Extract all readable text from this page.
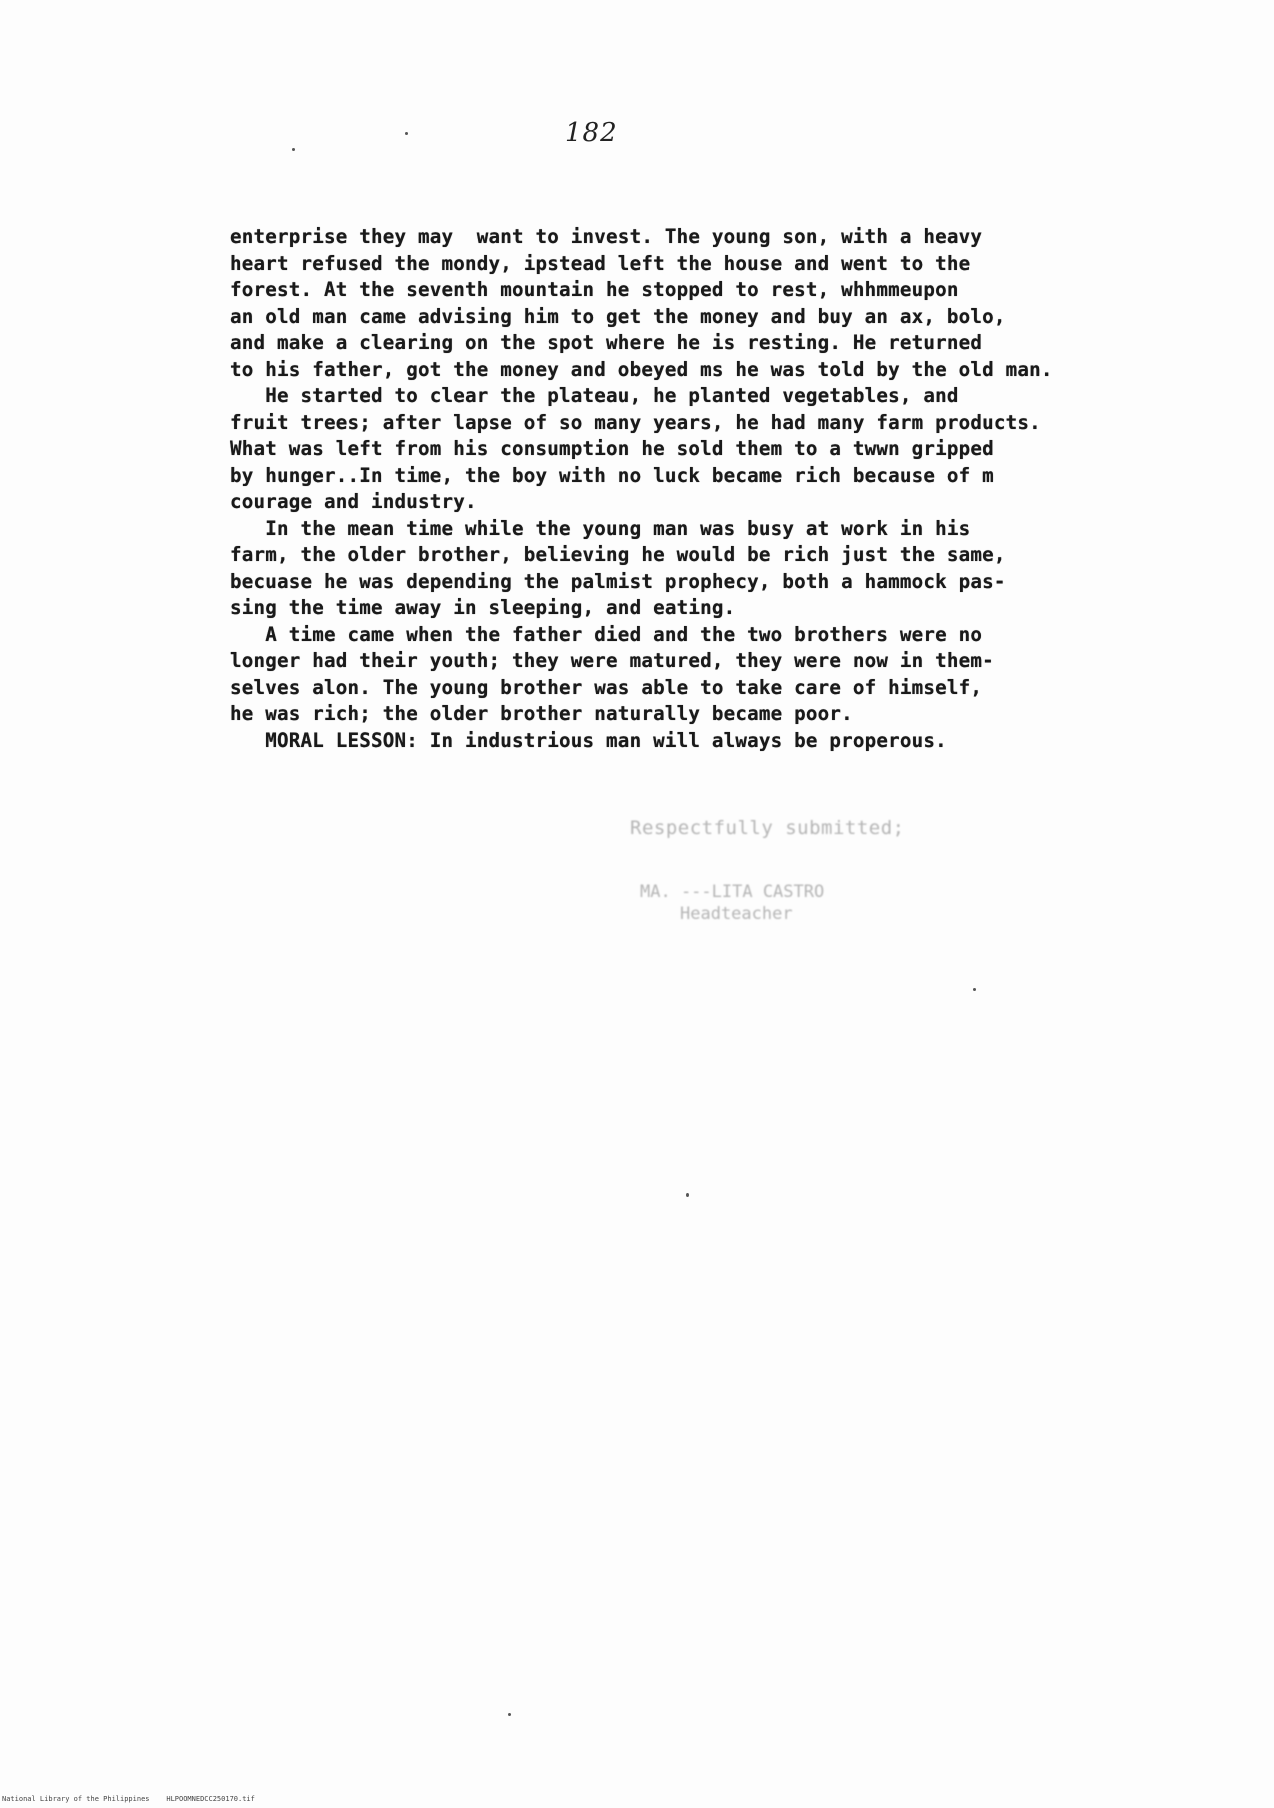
182
enterprise they may  want to invest. The young son, with a heavy
heart refused the mondy, ipstead left the house and went to the
forest. At the seventh mountain he stopped to rest, whhmmeupon
an old man came advising him to get the money and buy an ax, bolo,
and make a clearing on the spot where he is resting. He returned
to his father, got the money and obeyed ms he was told by the old man.
He started to clear the plateau, he planted vegetables, and
fruit trees; after lapse of so many years, he had many farm products.
What was left from his consumption he sold them to a twwn gripped
by hunger..In time, the boy with no luck became rich because of m
courage and industry.
In the mean time while the young man was busy at work in his
farm, the older brother, believing he would be rich just the same,
becuase he was depending the palmist prophecy, both a hammock pas-
sing the time away in sleeping, and eating.
A time came when the father died and the two brothers were no
longer had their youth; they were matured, they were now in them-
selves alon. The young brother was able to take care of himself,
he was rich; the older brother naturally became poor.
MORAL LESSON: In industrious man will always be properous.
Respectfully submitted;
MA. ---LITA CASTRO
Headteacher
National Library of the Philippines    HLPOOMNEDCC250170.tif
